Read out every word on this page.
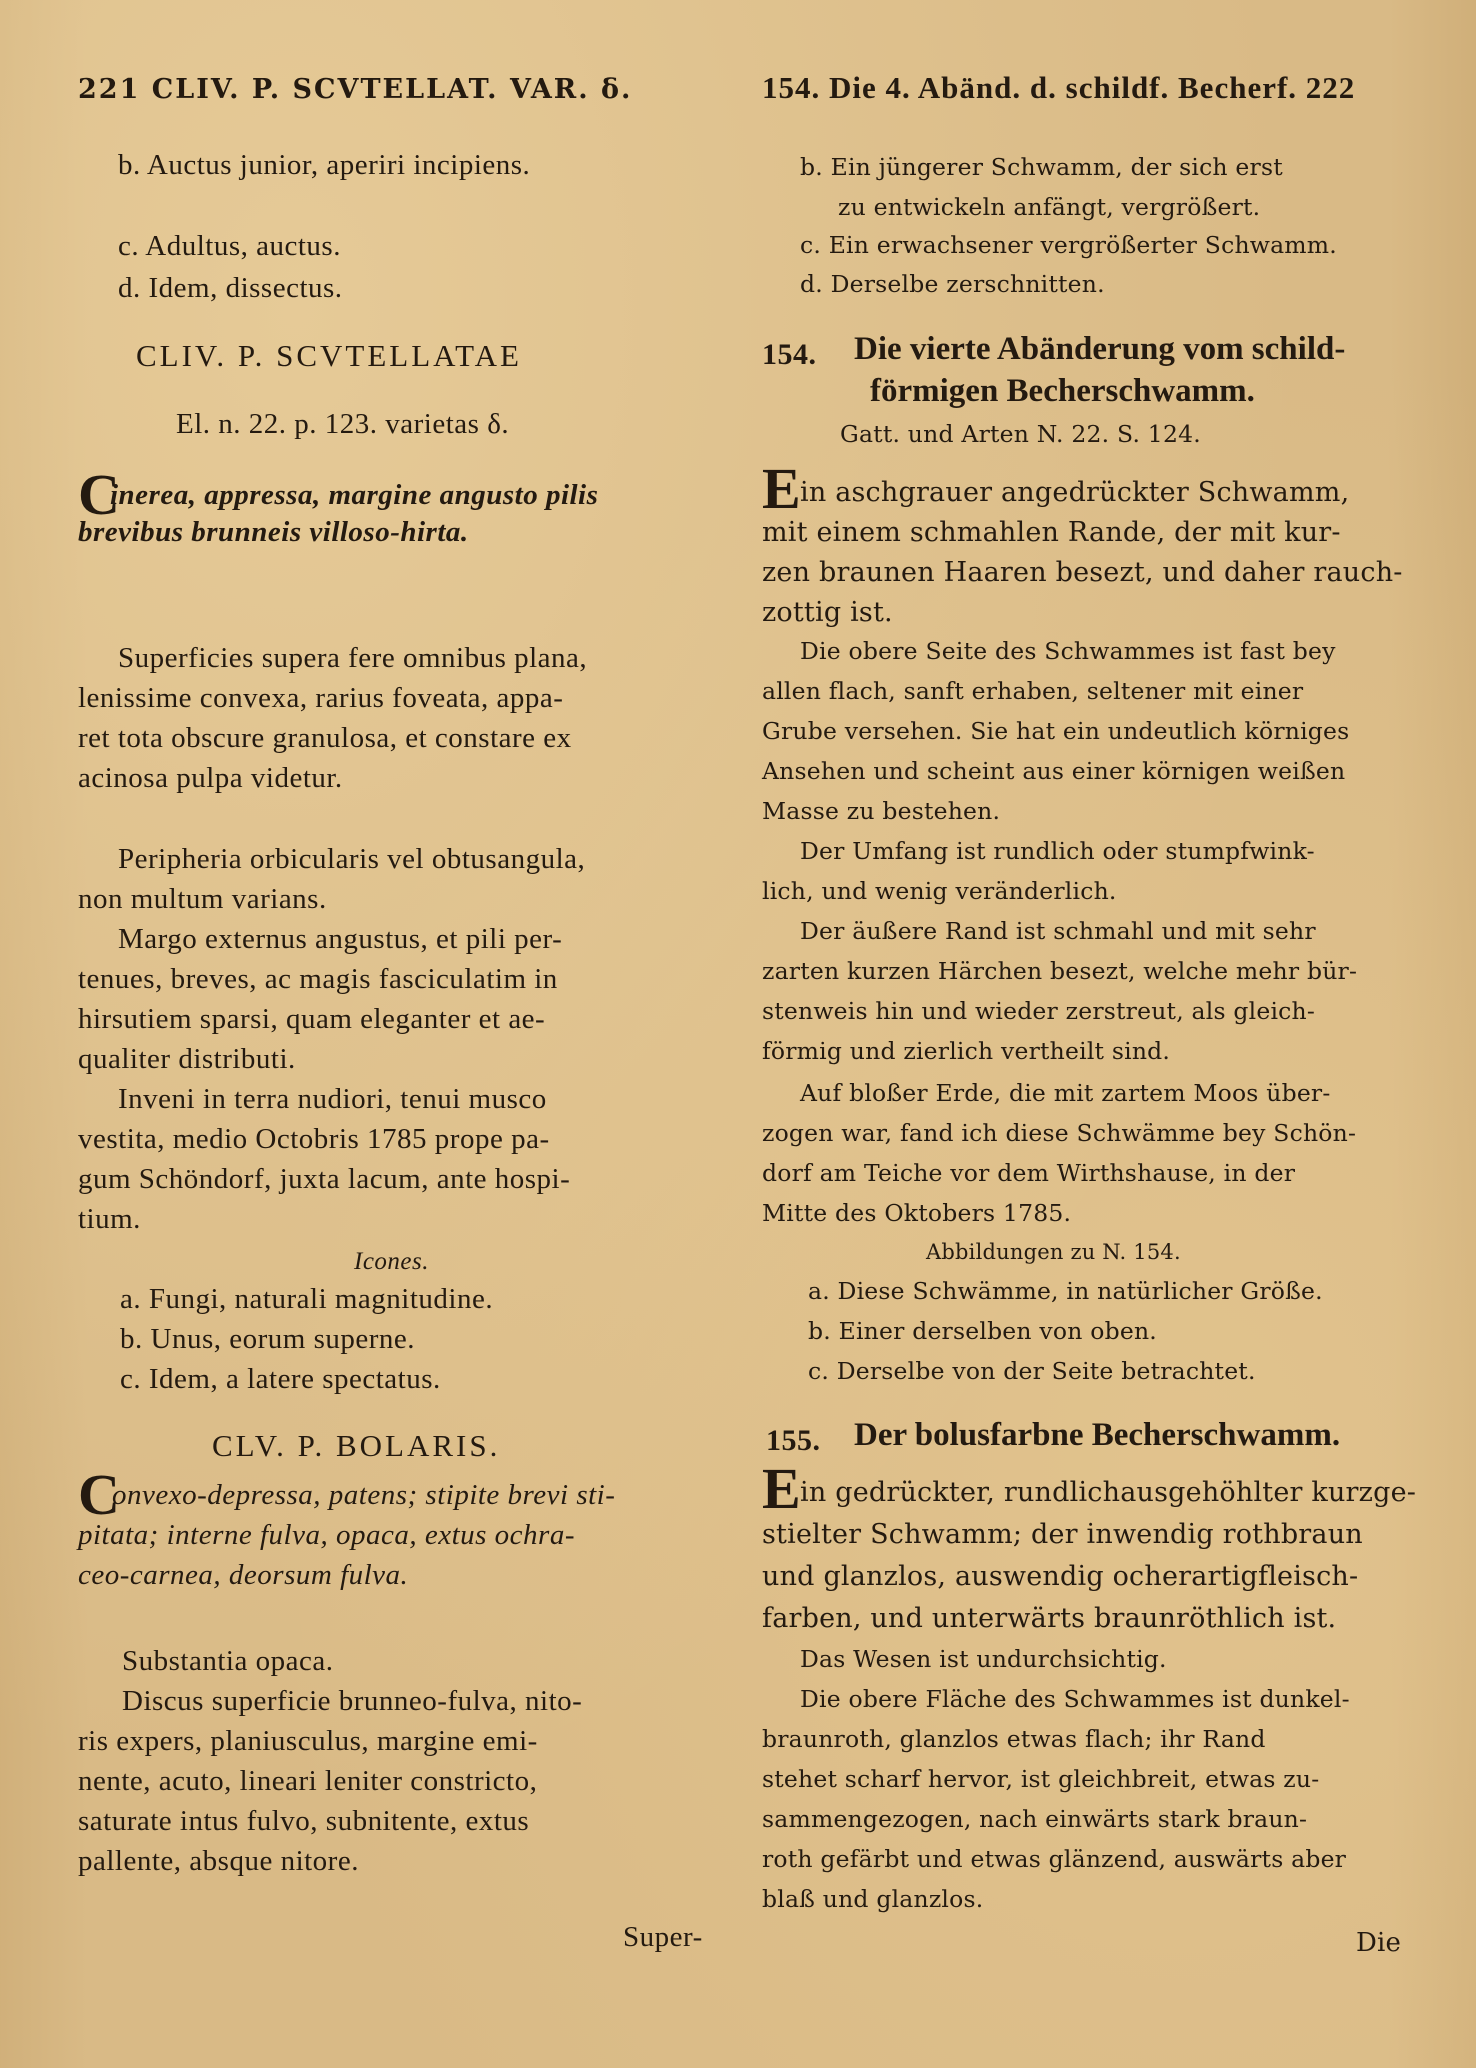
221 CLIV. P. SCVTELLAT. VAR. δ.
b. Auctus junior, aperiri incipiens.
c. Adultus, auctus.
d. Idem, dissectus.
CLIV. P. SCVTELLATAE
El. n. 22. p. 123. varietas δ.
C
inerea, appressa, margine angusto pilis
brevibus brunneis villoso-hirta.
Superficies supera fere omnibus plana,
lenissime convexa, rarius foveata, appa-
ret tota obscure granulosa, et constare ex
acinosa pulpa videtur.
Peripheria orbicularis vel obtusangula,
non multum varians.
Margo externus angustus, et pili per-
tenues, breves, ac magis fasciculatim in
hirsutiem sparsi, quam eleganter et ae-
qualiter distributi.
Inveni in terra nudiori, tenui musco
vestita, medio Octobris 1785 prope pa-
gum Schöndorf, juxta lacum, ante hospi-
tium.
Icones.
a. Fungi, naturali magnitudine.
b. Unus, eorum superne.
c. Idem, a latere spectatus.
CLV. P. BOLARIS.
C
onvexo-depressa, patens; stipite brevi sti-
pitata; interne fulva, opaca, extus ochra-
ceo-carnea, deorsum fulva.
Substantia opaca.
Discus superficie brunneo-fulva, nito-
ris expers, planiusculus, margine emi-
nente, acuto, lineari leniter constricto,
saturate intus fulvo, subnitente, extus
pallente, absque nitore.
Super-
154. Die 4. Abänd. d. schildf. Becherf. 222
b. Ein jüngerer Schwamm, der sich erst
zu entwickeln anfängt, vergrößert.
c. Ein erwachsener vergrößerter Schwamm.
d. Derselbe zerschnitten.
154. Die vierte Abänderung vom schild-
förmigen Becherschwamm.
Gatt. und Arten N. 22. S. 124.
E in aschgrauer angedrückter Schwamm,
mit einem schmahlen Rande, der mit kur-
zen braunen Haaren besezt, und daher rauch-
zottig ist.
Die obere Seite des Schwammes ist fast bey
allen flach, sanft erhaben, seltener mit einer
Grube versehen. Sie hat ein undeutlich körniges
Ansehen und scheint aus einer körnigen weißen
Masse zu bestehen.
Der Umfang ist rundlich oder stumpfwink-
lich, und wenig veränderlich.
Der äußere Rand ist schmahl und mit sehr
zarten kurzen Härchen besezt, welche mehr bür-
stenweis hin und wieder zerstreut, als gleich-
förmig und zierlich vertheilt sind.
Auf bloßer Erde, die mit zartem Moos über-
zogen war, fand ich diese Schwämme bey Schön-
dorf am Teiche vor dem Wirthshause, in der
Mitte des Oktobers 1785.
Abbildungen zu N. 154.
a. Diese Schwämme, in natürlicher Größe.
b. Einer derselben von oben.
c. Derselbe von der Seite betrachtet.
155. Der bolusfarbne Becherschwamm.
E in gedrückter, rundlichausgehöhlter kurzge-
stielter Schwamm; der inwendig rothbraun
und glanzlos, auswendig ocherartigfleisch-
farben, und unterwärts braunröthlich ist.
Das Wesen ist undurchsichtig.
Die obere Fläche des Schwammes ist dunkel-
braunroth, glanzlos etwas flach; ihr Rand
stehet scharf hervor, ist gleichbreit, etwas zu-
sammengezogen, nach einwärts stark braun-
roth gefärbt und etwas glänzend, auswärts aber
blaß und glanzlos.
Die
